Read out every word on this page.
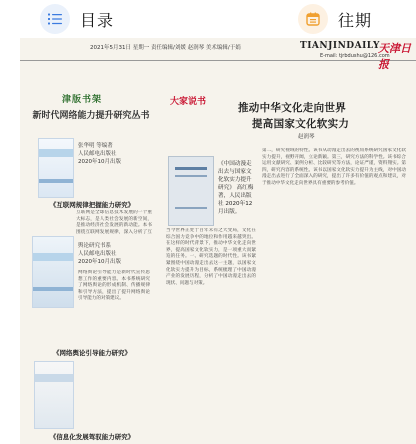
目录	往期
2021年5月31日 星期一 责任编辑/刘媛 赵润琴 美术编辑/于娟	TIANJINDAILY
天津日报
E-mail: tjrbdushu@126.com
津版书架
新时代网络能力提升研究丛书
张华明 等编著
人民邮电出版社
2020年10月出版
《互联网规律把握能力研究》
互联网是全球信息技术发展的一个重大标志，是人类社会发展的新空间，是推动经济社会发展的新动能。本书围绕互联网发展规律，深入分析了互
舆论研究书系
人民邮电出版社
2020年10月出版
网络舆论引导能力是新时代宣传思想工作的重要内容。本书系统研究了网络舆论的形成机制、传播规律和引导方法，提出了提升网络舆论引导能力的对策建议。
《网络舆论引导能力研究》
《信息化发展驾驭能力研究》
大家说书	推动中华文化走向世界
提高国家文化软实力
赵润琴
《中国动漫走出去与国家文化软实力提升研究》 高红梅著，人民出版社 2020年12月出版。
当今世界正处于百年未有之大变局，文化在综合国力竞争中的地位和作用越来越突出。在这样的时代背景下，推动中华文化走向世界，提高国家文化软实力，是一项重大而紧迫的任务。一、研究选题的时代性。该书紧紧围绕中国动漫走出去这一主题，以国家文化软实力提升为目标，系统梳理了中国动漫产业的发展历程，分析了中国动漫走出去的现状、问题与对策。
第二，研究视域的特性。该书从动漫走出去的视角系统研究国家文化软实力提升，视野开阔，立论新颖。第三，研究方法的科学性。该书综合运用文献研究、案例分析、比较研究等方法，论证严谨，资料翔实。第四，研究内容的系统性。该书以国家文化软实力提升为主线，对中国动漫走出去进行了全面深入的研究，提出了许多有价值的观点和建议，对于推动中华文化走向世界具有重要的参考价值。
